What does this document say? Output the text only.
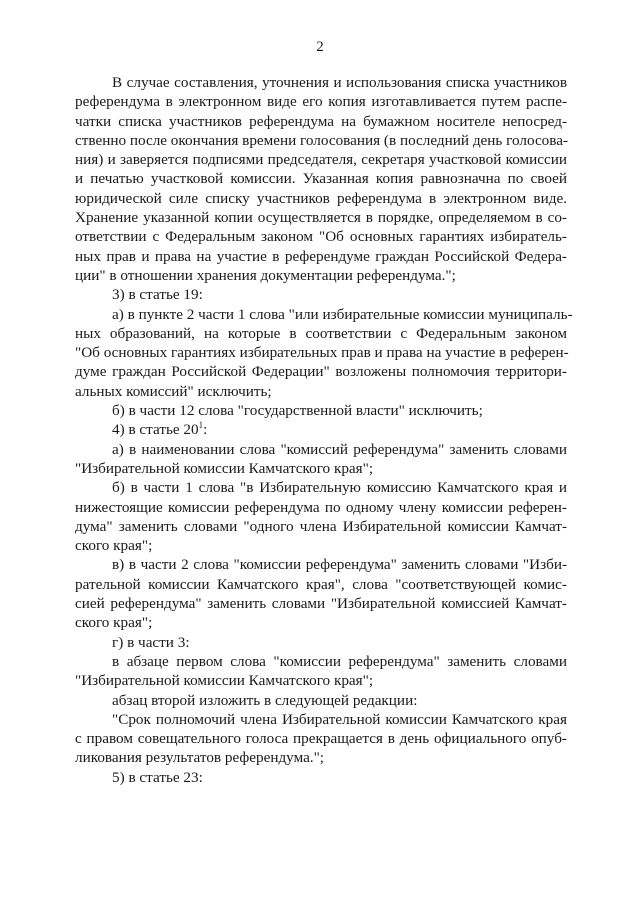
2
В случае составления, уточнения и использования списка участников
референдума в электронном виде его копия изготавливается путем распе-
чатки списка участников референдума на бумажном носителе непосред-
ственно после окончания времени голосования (в последний день голосова-
ния) и заверяется подписями председателя, секретаря участковой комиссии
и печатью участковой комиссии. Указанная копия равнозначна по своей
юридической силе списку участников референдума в электронном виде.
Хранение указанной копии осуществляется в порядке, определяемом в со-
ответствии с Федеральным законом "Об основных гарантиях избиратель-
ных прав и права на участие в референдуме граждан Российской Федера-
ции" в отношении хранения документации референдума.";
3) в статье 19:
а) в пункте 2 части 1 слова "или избирательные комиссии муниципаль-
ных образований, на которые в соответствии с Федеральным законом
"Об основных гарантиях избирательных прав и права на участие в референ-
думе граждан Российской Федерации" возложены полномочия территори-
альных комиссий" исключить;
б) в части 12 слова "государственной власти" исключить;
4) в статье $20^1$:
а) в наименовании слова "комиссий референдума" заменить словами
"Избирательной комиссии Камчатского края";
б) в части 1 слова "в Избирательную комиссию Камчатского края и
нижестоящие комиссии референдума по одному члену комиссии референ-
дума" заменить словами "одного члена Избирательной комиссии Камчат-
ского края";
в) в части 2 слова "комиссии референдума" заменить словами "Изби-
рательной комиссии Камчатского края", слова "соответствующей комис-
сией референдума" заменить словами "Избирательной комиссией Камчат-
ского края";
г) в части 3:
в абзаце первом слова "комиссии референдума" заменить словами
"Избирательной комиссии Камчатского края";
абзац второй изложить в следующей редакции:
"Срок полномочий члена Избирательной комиссии Камчатского края
с правом совещательного голоса прекращается в день официального опуб-
ликования результатов референдума.";
5) в статье 23:
